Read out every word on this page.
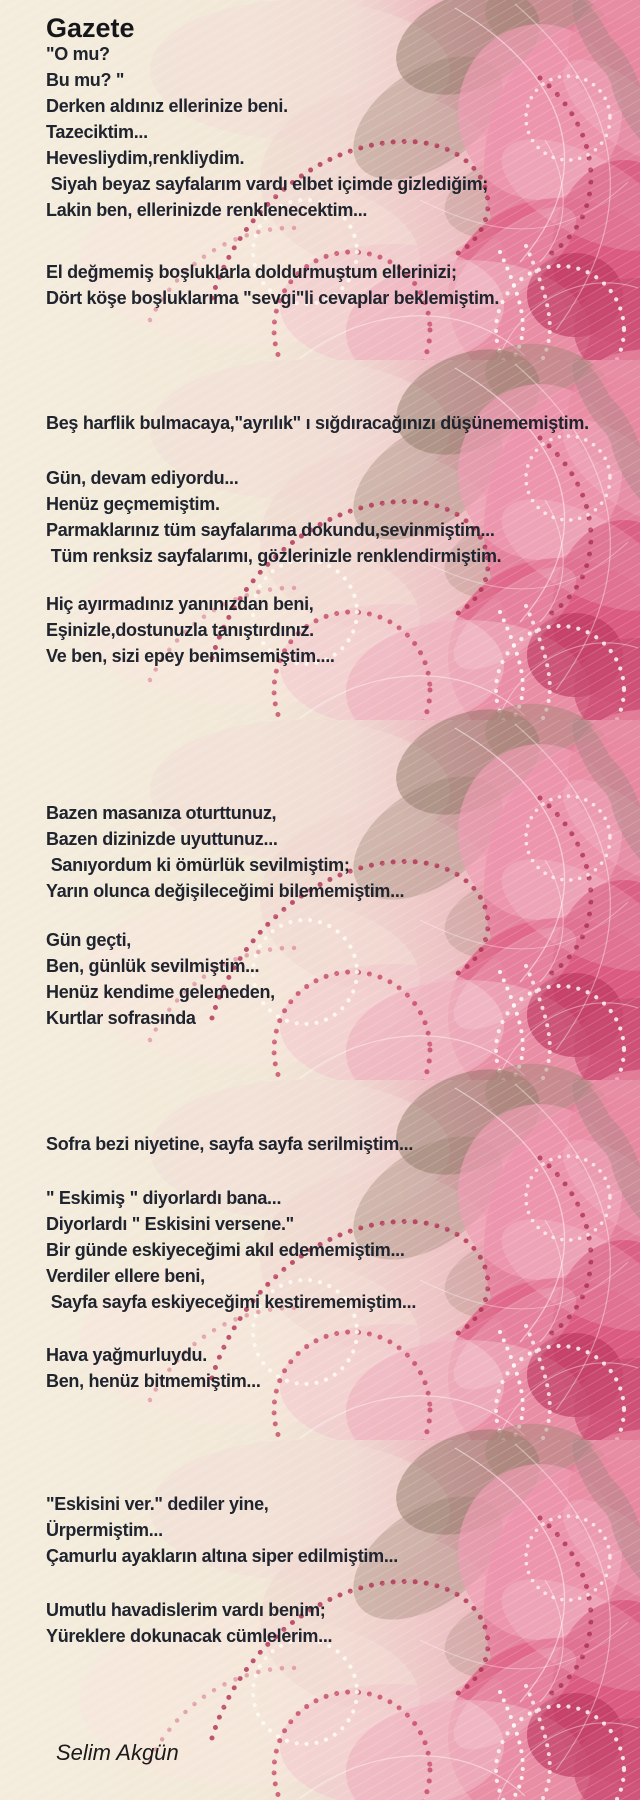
Gazete
"O mu?
Bu mu? "
Derken aldınız ellerinize beni.
Tazeciktim...
Hevesliydim,renkliydim.
Siyah beyaz sayfalarım vardı elbet içimde gizlediğim;
Lakin ben, ellerinizde renklenecektim...
El değmemiş boşluklarla doldurmuştum ellerinizi;
Dört köşe boşluklarıma "sevgi"li cevaplar beklemiştim.
Beş harflik bulmacaya,"ayrılık" ı sığdıracağınızı düşünememiştim.
Gün, devam ediyordu...
Henüz geçmemiştim.
Parmaklarınız tüm sayfalarıma dokundu,sevinmiştim...
Tüm renksiz sayfalarımı, gözlerinizle renklendirmiştim.
Hiç ayırmadınız yanınızdan beni,
Eşinizle,dostunuzla tanıştırdınız.
Ve ben, sizi epey benimsemiştim....
Bazen masanıza oturttunuz,
Bazen dizinizde uyuttunuz...
Sanıyordum ki ömürlük sevilmiştim;
Yarın olunca değişileceğimi bilememiştim...
Gün geçti,
Ben, günlük sevilmiştim...
Henüz kendime gelemeden,
Kurtlar sofrasında
Sofra bezi niyetine, sayfa sayfa serilmiştim...
" Eskimiş " diyorlardı bana...
Diyorlardı " Eskisini versene."
Bir günde eskiyeceğimi akıl edememiştim...
Verdiler ellere beni,
Sayfa sayfa eskiyeceğimi kestirememiştim...
Hava yağmurluydu.
Ben, henüz bitmemiştim...
"Eskisini ver." dediler yine,
Ürpermiştim...
Çamurlu ayakların altına siper edilmiştim...
Umutlu havadislerim vardı benim;
Yüreklere dokunacak cümlelerim...
Selim Akgün
